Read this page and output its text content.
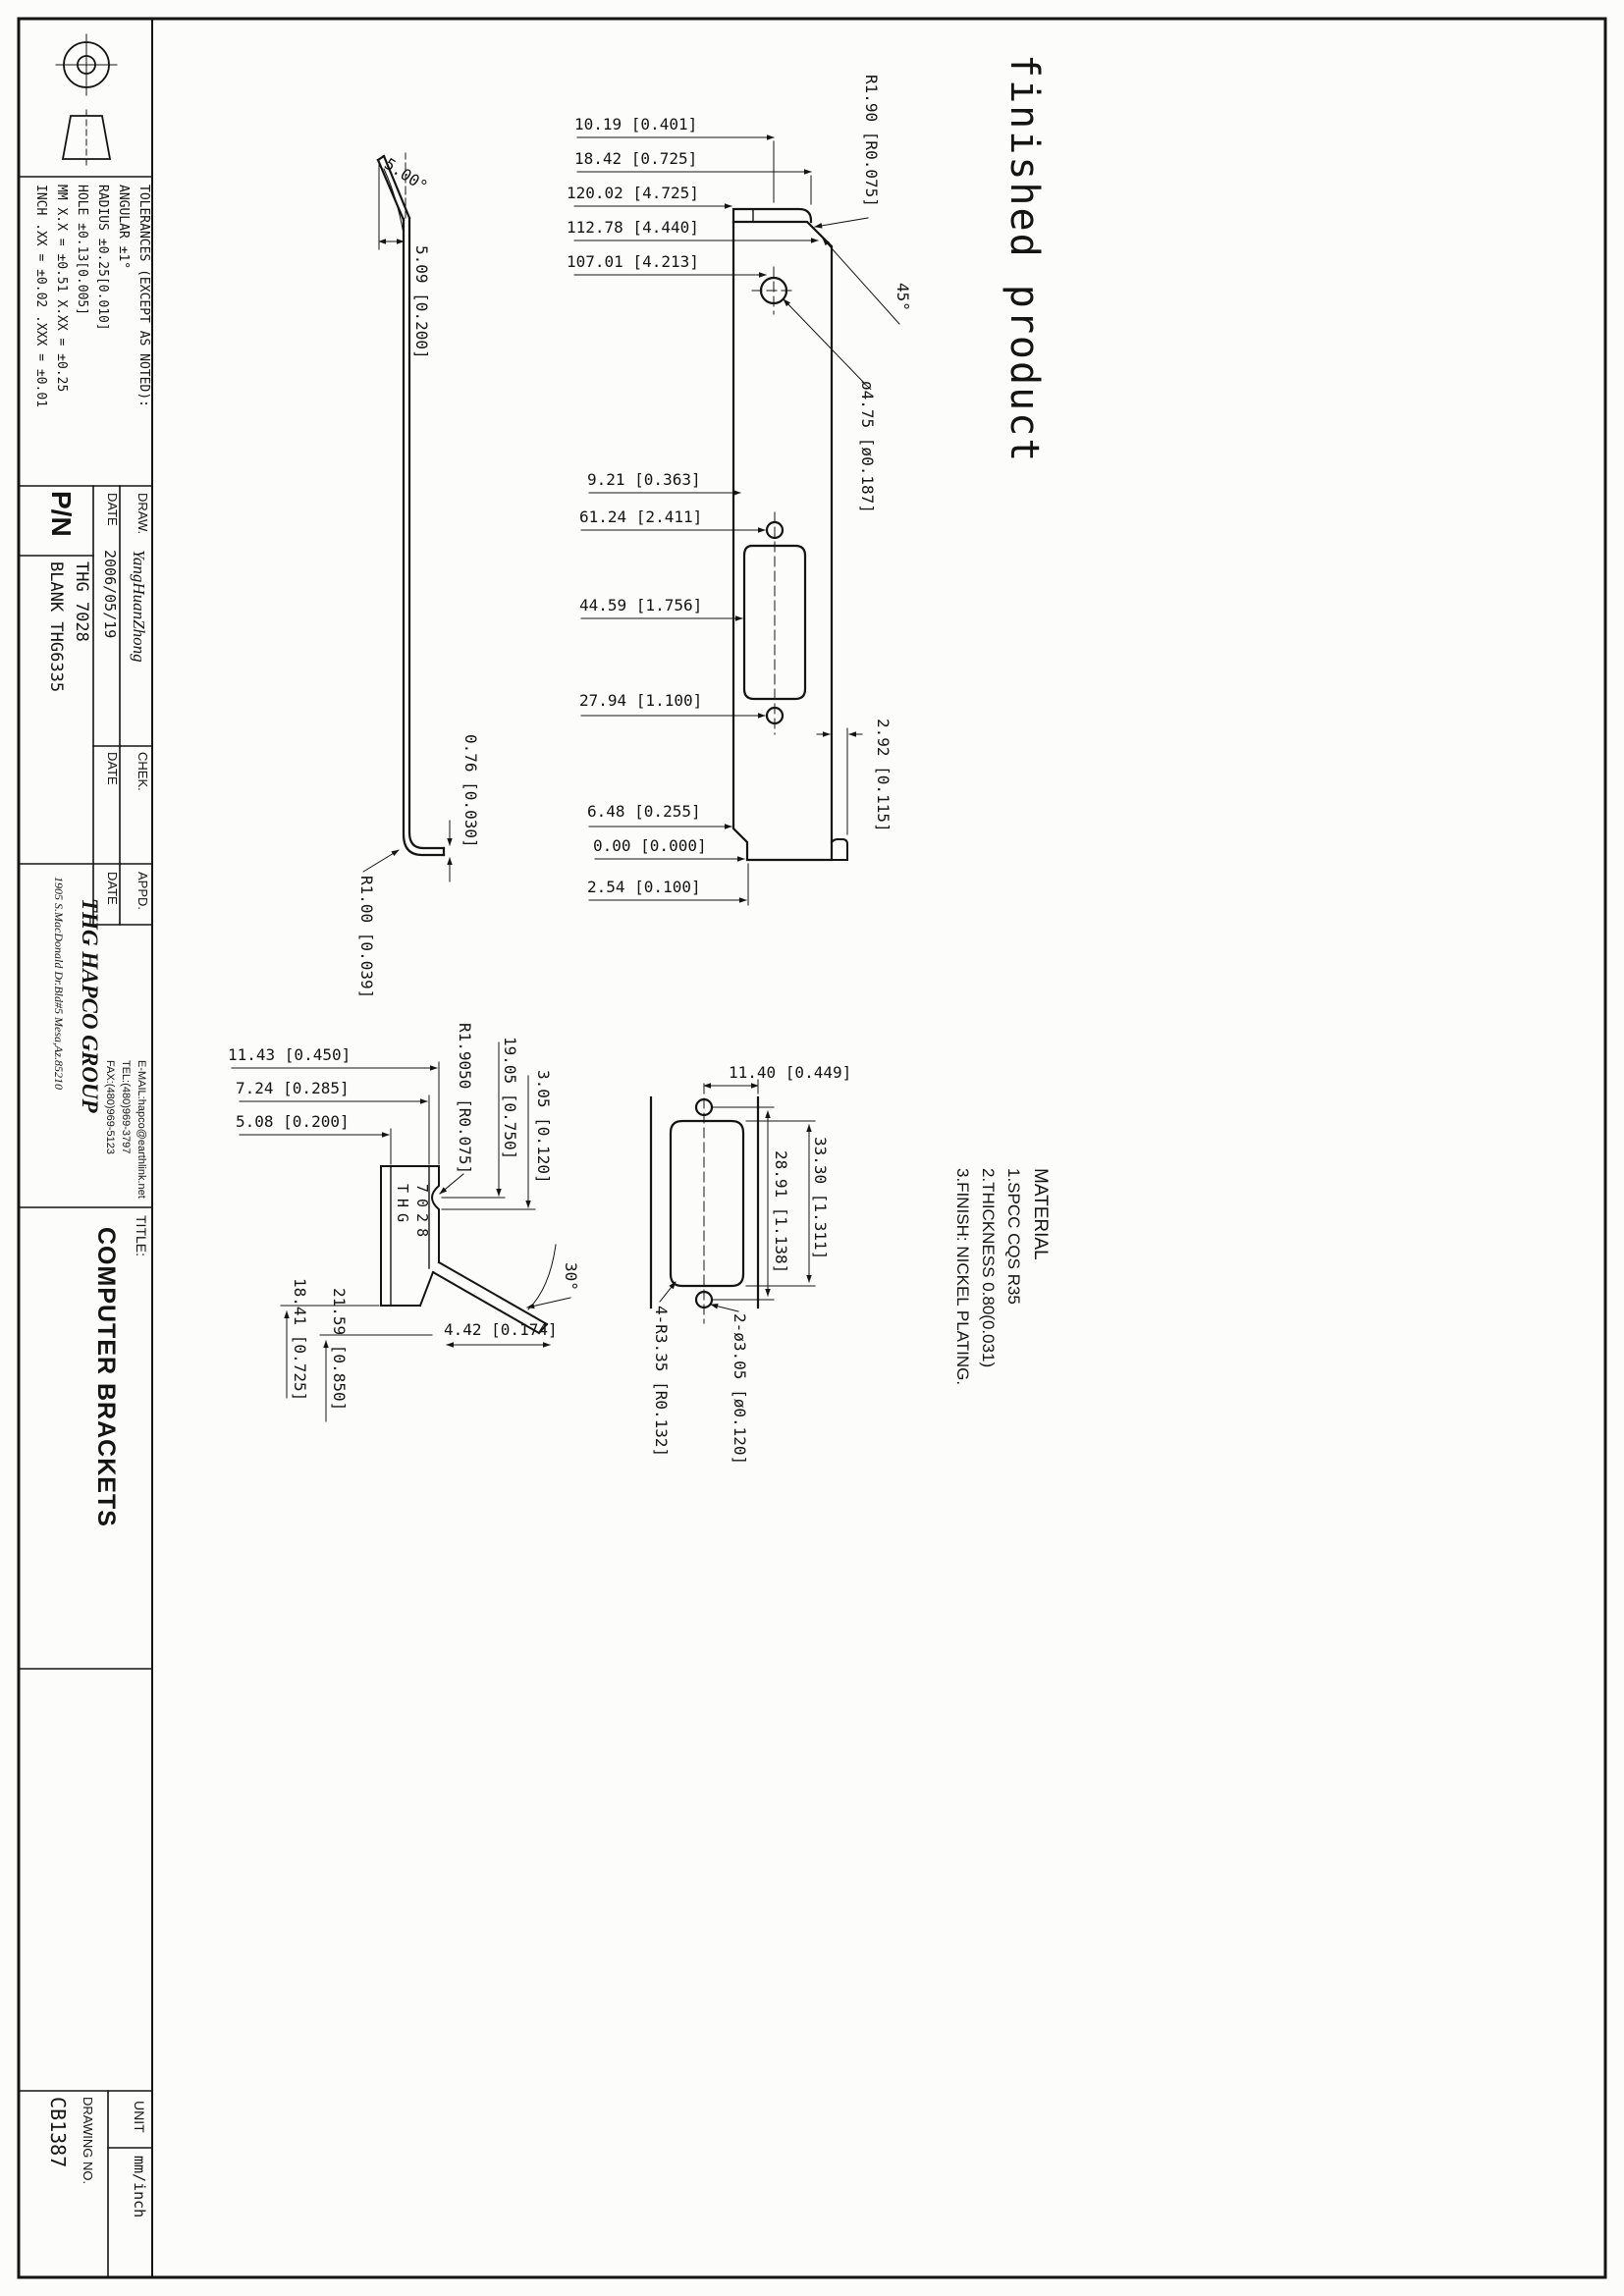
finished product
MATERIAL
1.SPCC CQS R35
2.THICKNESS 0.80(0.031)
3.FINISH: NICKEL PLATING.
TOLERANCES (EXCEPT AS NOTED):
ANGULAR ±1°
RADIUS ±0.25[0.010]
HOLE ±0.13[0.005]
MM X.X = ±0.51 X.XX = ±0.25
INCH .XX = ±0.02 .XXX = ±0.01
P/N
THG 7028
BLANK THG6335
DRAW.
YangHuanZhong
DATE
2006/05/19
CHEK.
DATE
DATE APPD.
THG HAPCO GROUP
1905 S.MacDonald Dr.Bld#5 Mesa,Az.85210
E-MAIL:hapco@earthlink.net
TEL:(480)969-3797
FAX:(480)969-5123
TITLE:
COMPUTER BRACKETS
UNIT
mm/inch
DRAWING NO.
CB1387
10.19 [0.401]
18.42 [0.725]
120.02 [4.725]
112.78 [4.440]
107.01 [4.213]
9.21 [0.363]
61.24 [2.411]
44.59 [1.756]
27.94 [1.100]
6.48 [0.255]
0.00 [0.000]
2.54 [0.100]
R1.90 [R0.075]
45°
ø4.75 [ø0.187]
2.92 [0.115]
5.00°
5.09 [0.200]
0.76 [0.030]
R1.00 [0.039]
11.43 [0.450]
7.24 [0.285]
5.08 [0.200]	R1.9050 [R0.075] 19.05 [0.750] 3.05 [0.120]
30°
4.42 [0.174]
18.41 [0.725] 21.59 [0.850]
THG 7028
11.40 [0.449]
28.91 [1.138] 33.30 [1.311]
4-R3.35 [R0.132]	2-ø3.05 [ø0.120]
